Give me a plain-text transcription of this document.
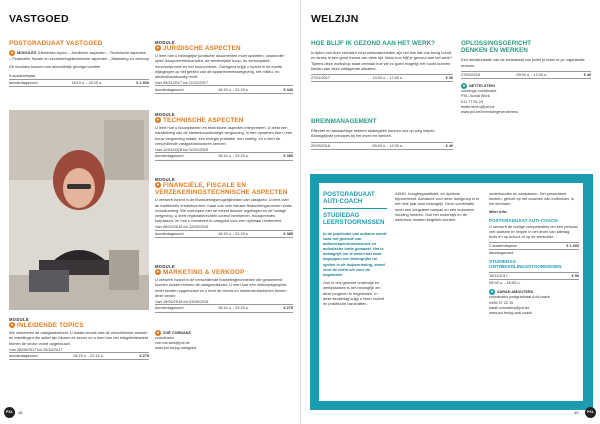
VASTGOED
POSTGRADUAAT VASTGOED
● MODULES (Heelenda topics – Juridische aspecten – Technische aspecten – Financiële, fiscale en verzekeringstechnische aspecten – Marketing en verkoop
De modules kunnen ook afzonderlijk gevolgd worden.
5 academiejaar
donderdagavond	18:15 u. - 22:15 u.	€ 1.500
MODULE
● INLEIDENDE TOPICS
We verkennen de vastgoedwereld. U maakt kennis met de verschillende actoren en instellingen die actief zijn binnen de sector en u leert hoe het integriteitsbeleid binnen de sector wordt opgebouwd.
Van 28/09/2017 tot 26/10/2017
donderdagavond	18:15 u. - 22:15 u.	€ 275
MODULE
● JURIDISCHE ASPECTEN
U leert hoe u belangrijke juridische documenten moet opstellen, waaronder optie-/koopovereenkomsten, de wederzijdse koop- en verkoopakte, huurcompromis en het huurcontract. Overigens krijgt u inzicht in de kantte wijzigingen op het gebied van de appartementswetgeving, het milieu- en stedenbouwkundig recht.
Van 09/11/2017 tot 21/12/2017
donderdagavond	18:15 u. - 22:15 u.	€ 440
MODULE
● TECHNISCHE ASPECTEN
U leert hoe u bouwplannen en technische aspecten interpreteert. U leest een handleiding van de stedenbouwkundige vergunning, in een opnamen hoe u een bouw vergunning maakt, een energie prestatie, een meting, en u leert de verschillende vastgoedstructuren kennen.
Van 11/01/2018 tot 01/02/2018
donderdagavond	18:15 u. - 22:15 u.	€ 350
MODULE
● FINANCIËLE, FISCALE EN VERZEKERINGSTECHNISCHE ASPECTEN
U verwerft inzicht in de financieringsmogelijkheden van vastgoed. U leert over de traditionele kredietvormen, maar ook over nieuwe financieringsvormen zoals crowdfunding. We overlopen met de meest actuele regelingen en de huidige wetgeving. U leert registratierechten correct berekenen, bouwpremies toepassen, en hoe u investeert in vastgoed voor een optimaal rendement.
Van 08/02/2018 tot 22/03/2018
donderdagavond	18:15 u. - 22:15 u.	€ 385
MODULE
● MARKETING & VERKOOP
U verwerft inzicht in de verschillende marketingtechnieken die gehanteerd kunnen worden binnen de vastgoedsector. U leert hoe een verkoopsgesprek moet worden opgebouwd en u leert de trends en marktmechanismen binnen deze sector.
Van 19/04/2018 tot 03/05/2018
donderdagavond	18:15 u. - 22:15 u.	€ 275
● ZOË CORNANS
coördinator
zoe.cornans@pxl.be
www.pxl.be/pg-vastgoed
PXL	48
WELZIJN
HOE BLIJF IK GEZOND AAN HET WERK?
In tijden van dure verhalen rond werkzaamheden zijn het iets dat ons bezig houdt, en stress is een groot thema van deze tijd. Maar hoe blijf je gezond aan het werk? Tijdens deze workshop staat centraal hoe we zo goed mogelijk het hoofd kunnen bieden aan deze uitdagende situaties.
27/02/2017	13:30 u. - 17:00 u.	€ 30
BREINMANAGEMENT
Effectief en aandachtige hebben strategieën kunnen ons op weg helpen. Belangrijkste principes bij het leven en werken.
20/03/2018	09:00 u. - 12:30 u.	€ 40
OPLOSSINGSGERICHT
DENKEN EN WERKEN
Een miniaturisatie van de werkstraat van jezelf je team en je organisatie ervaren.
27/03/2018	09:00 u. - 12:30 u.	€ 40
● NETTELSTEIN
vormings-coördinator
PXL-Social Work
011 77 53 24
bettie.lehen@pxl.be
www.pxl.be/heerdomgeven/stress
POSTGRADUAAT
AUTI-COACH
STUDIEDAG
LEERSTOORNISSEN
In de publicatie van autisme wordt vaak het gebruik van autismespectrumstoornis en autistische traits gemaakt. Het is belangrijk om te weten dat deze begrippen een belangrijke rol spelen in de hulpverlening, zowel voor de cliënt als voor de begeleider.
Ook in ons gewone onderwijs en werkplaatsen is het belangrijk om deze jongeren te begeleiden. In deze studiedag krijgt u meer inzicht en praktische handvatten.
ADHD, hoogbegaafdheid, en dyslexie bijvoorbeeld. Aandacht voor deze doelgroep is er het hele jaar door belangrijk. Deze combinatie moet een zorgzame aanpak en een inclusieve houding hebben. Ook het onderwijs en de werkvloer moeten begeleid worden.
onderhouden en aanpassen. Het presenteert werken, gericht op het coachen van individuen, is het kernidee.
Meer info:
POSTGRADUAAT AUTI-COACH
U verwerft de nodige competenties om een persoon met autisme te helpen in het leven van alledag, thuis en op school of op de werkvloer.
2 academiejaren	€ 1.300
dinsdagavond
STUDIEDAG ONTWIKKELINGSSTOORNISSEN
16/11/2017	€ 50
09:00 u. - 16:00 u.
● SARAH AMOUTERS
coördinator postgraduaat Auti-coach
0496 47 22 10
sarah.amouters@pxl.be
www.pxl.be/pg-auti-coach
PXL
49
